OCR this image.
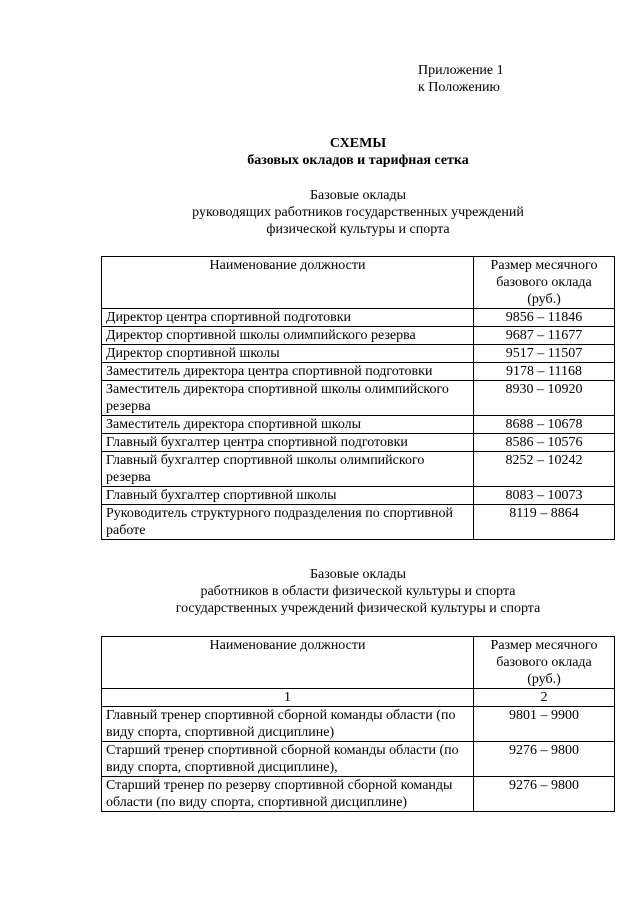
Приложение 1
к Положению
СХЕМЫ
базовых окладов и тарифная сетка
Базовые оклады
руководящих работников государственных учреждений
физической культуры и спорта
Наименование должности	Размер месячного базового оклада (руб.)
Директор центра спортивной подготовки	9856 – 11846
Директор спортивной школы олимпийского резерва	9687 – 11677
Директор спортивной школы	9517 – 11507
Заместитель директора центра спортивной подготовки	9178 – 11168
Заместитель директора спортивной школы олимпийского резерва	8930 – 10920
Заместитель директора спортивной школы	8688 – 10678
Главный бухгалтер центра спортивной подготовки	8586 – 10576
Главный бухгалтер спортивной школы олимпийского резерва	8252 – 10242
Главный бухгалтер спортивной школы	8083 – 10073
Руководитель структурного подразделения по спортивной работе	8119 – 8864
Базовые оклады
работников в области физической культуры и спорта
государственных учреждений физической культуры и спорта
Наименование должности	Размер месячного базового оклада (руб.)
1	2
Главный тренер спортивной сборной команды области (по виду спорта, спортивной дисциплине)	9801 – 9900
Старший тренер спортивной сборной команды области (по виду спорта, спортивной дисциплине),	9276 – 9800
Старший тренер по резерву спортивной сборной команды области (по виду спорта, спортивной дисциплине)	9276 – 9800
